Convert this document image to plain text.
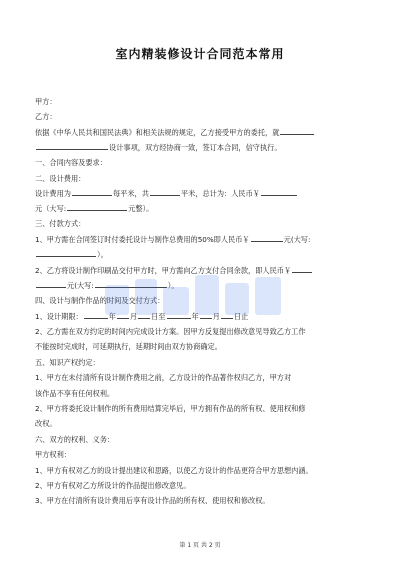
室内精装修设计合同范本常用
甲方：
乙方：
依据《中华人民共和国民法典》和相关法规的规定，乙方接受甲方的委托，就
设计事项，双方经协商一致，签订本合同，信守执行。
一、合同内容及要求：
二、设计费用：
设计费用为	每平米，共	平米，总计为：人民币￥
元（大写:	元整）。
三、付款方式：
1、甲方需在合同签订时付委托设计与制作总费用的50%即人民币￥	元(大写:
）。
2、乙方将设计制作印刷品交付甲方时，甲方需向乙方支付合同余款，即人民币￥
元(大写:	）。
四、设计与制作作品的时间及交付方式：
1、设计期限：	年 月 日至	年 月 日止
2、乙方需在双方约定的时间内完成设计方案。因甲方反复提出修改意见导致乙方工作
不能按时完成时，可延期执行，延期时间由双方协商确定。
五、知识产权约定：
1、甲方在未付清所有设计制作费用之前，乙方设计的作品著作权归乙方，甲方对
该作品不享有任何权利。
2、甲方将委托设计制作的所有费用结算完毕后，甲方拥有作品的所有权、使用权和修
改权。
六、双方的权利、义务：
甲方权利：
1、甲方有权对乙方的设计提出建议和思路，以使乙方设计的作品更符合甲方思想内涵。
2、甲方有权对乙方所设计的作品提出修改意见。
3、甲方在付清所有设计费用后享有设计作品的所有权、使用权和修改权。
第 1 页 共 2 页
